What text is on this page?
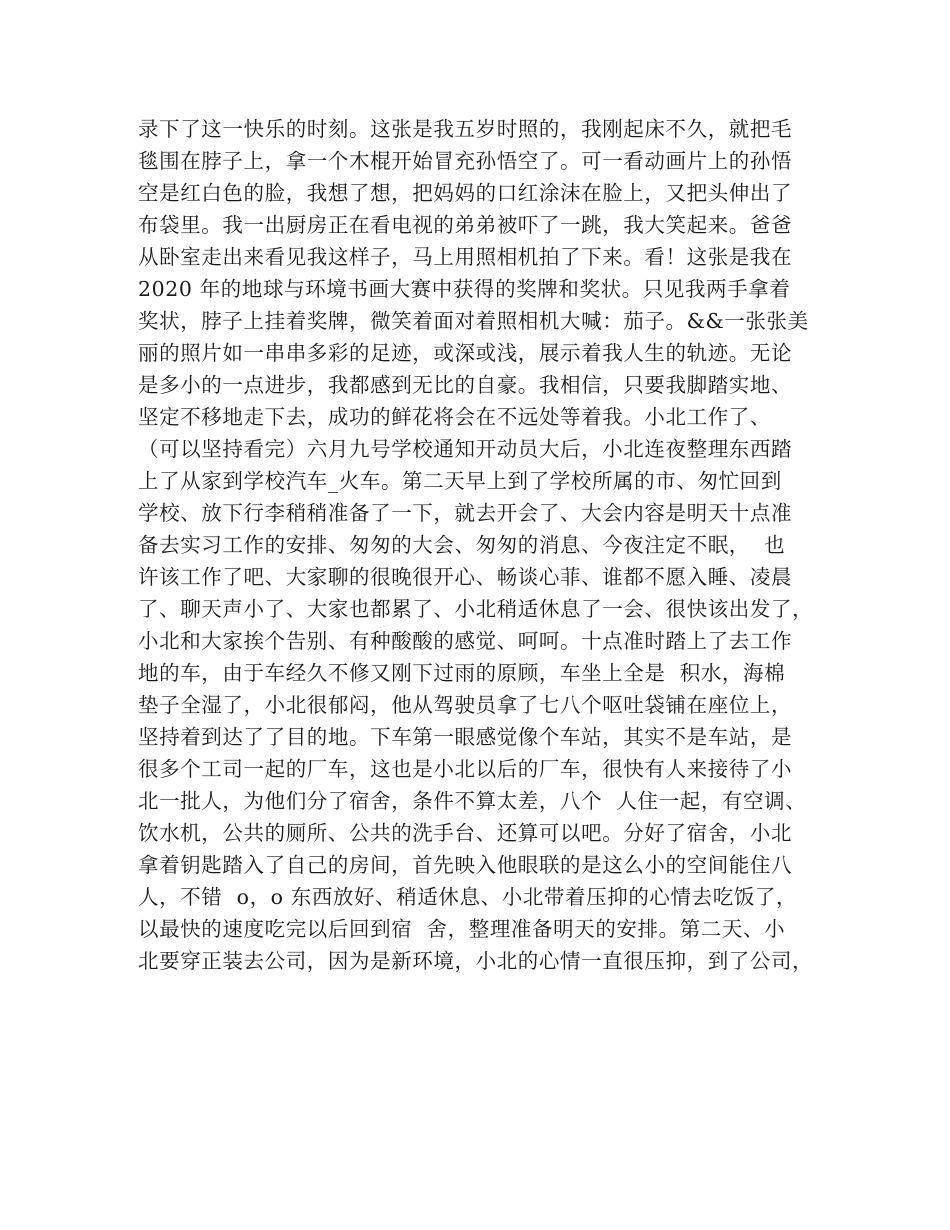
录下了这一快乐的时刻。这张是我五岁时照的，我刚起床不久，就把毛
毯围在脖子上，拿一个木棍开始冒充孙悟空了。可一看动画片上的孙悟
空是红白色的脸，我想了想，把妈妈的口红涂沫在脸上，又把头伸出了
布袋里。我一出厨房正在看电视的弟弟被吓了一跳，我大笑起来。爸爸
从卧室走出来看见我这样子，马上用照相机拍了下来。看！这张是我在
2020 年的地球与环境书画大赛中获得的奖牌和奖状。只见我两手拿着
奖状，脖子上挂着奖牌，微笑着面对着照相机大喊：茄子。&&一张张美
丽的照片如一串串多彩的足迹，或深或浅，展示着我人生的轨迹。无论
是多小的一点进步，我都感到无比的自豪。我相信，只要我脚踏实地、
坚定不移地走下去，成功的鲜花将会在不远处等着我。小北工作了、
（可以坚持看完）六月九号学校通知开动员大后，小北连夜整理东西踏
上了从家到学校汽车_火车。第二天早上到了学校所属的市、匆忙回到
学校、放下行李稍稍准备了一下，就去开会了、大会内容是明天十点准
备去实习工作的安排、匆匆的大会、匆匆的消息、今夜注定不眠，  也
许该工作了吧、大家聊的很晚很开心、畅谈心菲、谁都不愿入睡、凌晨
了、聊天声小了、大家也都累了、小北稍适休息了一会、很快该出发了，
小北和大家挨个告别、有种酸酸的感觉、呵呵。十点准时踏上了去工作
地的车，由于车经久不修又刚下过雨的原顾，车坐上全是  积水，海棉
垫子全湿了，小北很郁闷，他从驾驶员拿了七八个呕吐袋铺在座位上，
坚持着到达了了目的地。下车第一眼感觉像个车站，其实不是车站，是
很多个工司一起的厂车，这也是小北以后的厂车，很快有人来接待了小
北一批人，为他们分了宿舍，条件不算太差，八个  人住一起，有空调、
饮水机，公共的厕所、公共的洗手台、还算可以吧。分好了宿舍，小北
拿着钥匙踏入了自己的房间，首先映入他眼联的是这么小的空间能住八
人，不错  o，o 东西放好、稍适休息、小北带着压抑的心情去吃饭了，
以最快的速度吃完以后回到宿  舍，整理准备明天的安排。第二天、小
北要穿正装去公司，因为是新环境，小北的心情一直很压抑，到了公司，
